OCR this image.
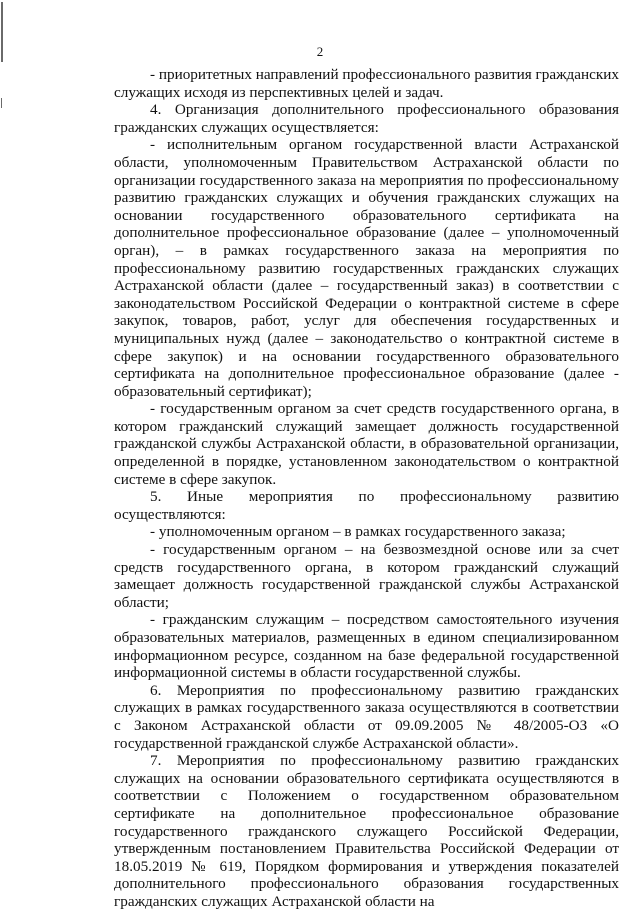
2

- приоритетных направлений профессионального развития гражданских служащих исходя из перспективных целей и задач.

4. Организация дополнительного профессионального образования гражданских служащих осуществляется:

- исполнительным органом государственной власти Астраханской области, уполномоченным Правительством Астраханской области по организации государственного заказа на мероприятия по профессиональному развитию гражданских служащих и обучения гражданских служащих на основании государственного образовательного сертификата на дополнительное профессиональное образование (далее – уполномоченный орган), – в рамках государственного заказа на мероприятия по профессиональному развитию государственных гражданских служащих Астраханской области (далее – государственный заказ) в соответствии с законодательством Российской Федерации о контрактной системе в сфере закупок, товаров, работ, услуг для обеспечения государственных и муниципальных нужд (далее – законодательство о контрактной системе в сфере закупок) и на основании государственного образовательного сертификата на дополнительное профессиональное образование (далее - образовательный сертификат);

- государственным органом за счет средств государственного органа, в котором гражданский служащий замещает должность государственной гражданской службы Астраханской области, в образовательной организации, определенной в порядке, установленном законодательством о контрактной системе в сфере закупок.

5. Иные мероприятия по профессиональному развитию осуществляются:

- уполномоченным органом – в рамках государственного заказа;

- государственным органом – на безвозмездной основе или за счет средств государственного органа, в котором гражданский служащий замещает должность государственной гражданской службы Астраханской области;

- гражданским служащим – посредством самостоятельного изучения образовательных материалов, размещенных в едином специализированном информационном ресурсе, созданном на базе федеральной государственной информационной системы в области государственной службы.

6. Мероприятия по профессиональному развитию гражданских служащих в рамках государственного заказа осуществляются в соответствии с Законом Астраханской области от 09.09.2005 № 48/2005-ОЗ «О государственной гражданской службе Астраханской области».

7. Мероприятия по профессиональному развитию гражданских служащих на основании образовательного сертификата осуществляются в соответствии с Положением о государственном образовательном сертификате на дополнительное профессиональное образование государственного гражданского служащего Российской Федерации, утвержденным постановлением Правительства Российской Федерации от 18.05.2019 № 619, Порядком формирования и утверждения показателей дополнительного профессионального образования государственных гражданских служащих Астраханской области на
